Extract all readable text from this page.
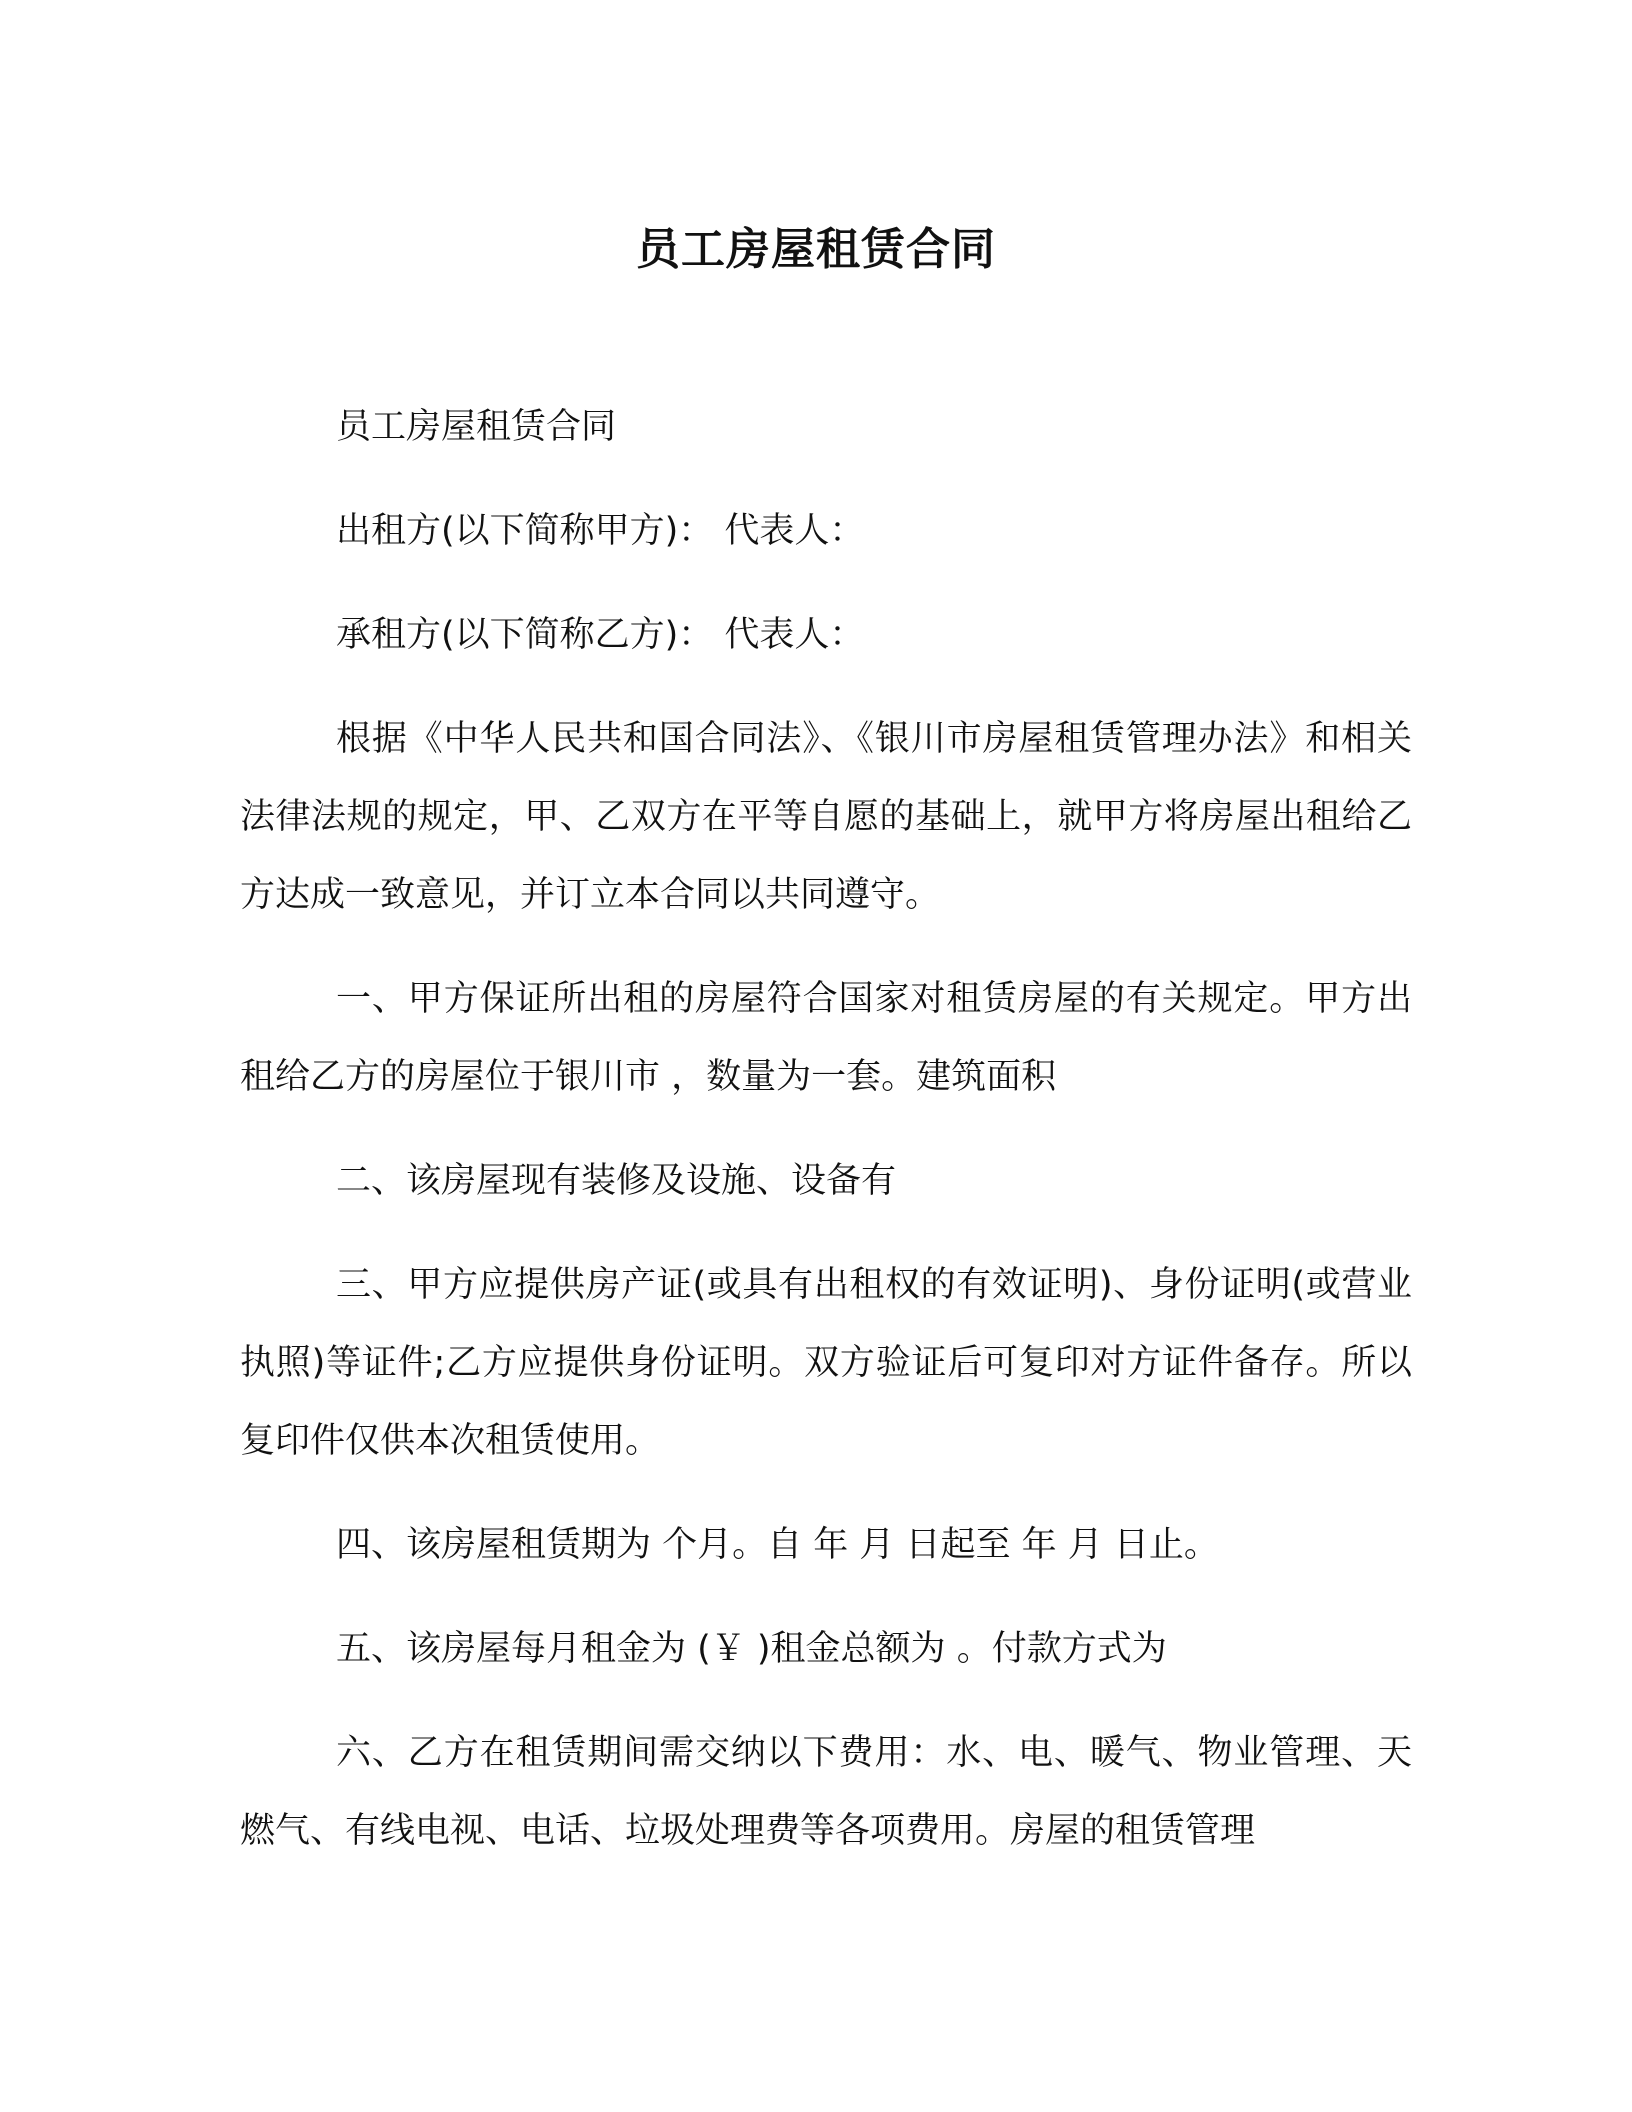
员工房屋租赁合同

员工房屋租赁合同

出租方(以下简称甲方)： 代表人：

承租方(以下简称乙方)： 代表人：

根据《中华人民共和国合同法》、《银川市房屋租赁管理办法》和相关法律法规的规定，甲、乙双方在平等自愿的基础上，就甲方将房屋出租给乙方达成一致意见，并订立本合同以共同遵守。

一、甲方保证所出租的房屋符合国家对租赁房屋的有关规定。甲方出租给乙方的房屋位于银川市 ，数量为一套。建筑面积

二、该房屋现有装修及设施、设备有

三、甲方应提供房产证(或具有出租权的有效证明)、身份证明(或营业执照)等证件;乙方应提供身份证明。双方验证后可复印对方证件备存。所以复印件仅供本次租赁使用。

四、该房屋租赁期为 个月。自 年 月 日起至 年 月 日止。

五、该房屋每月租金为 (￥ )租金总额为 。付款方式为

六、乙方在租赁期间需交纳以下费用：水、电、暖气、物业管理、天燃气、有线电视、电话、垃圾处理费等各项费用。房屋的租赁管理
